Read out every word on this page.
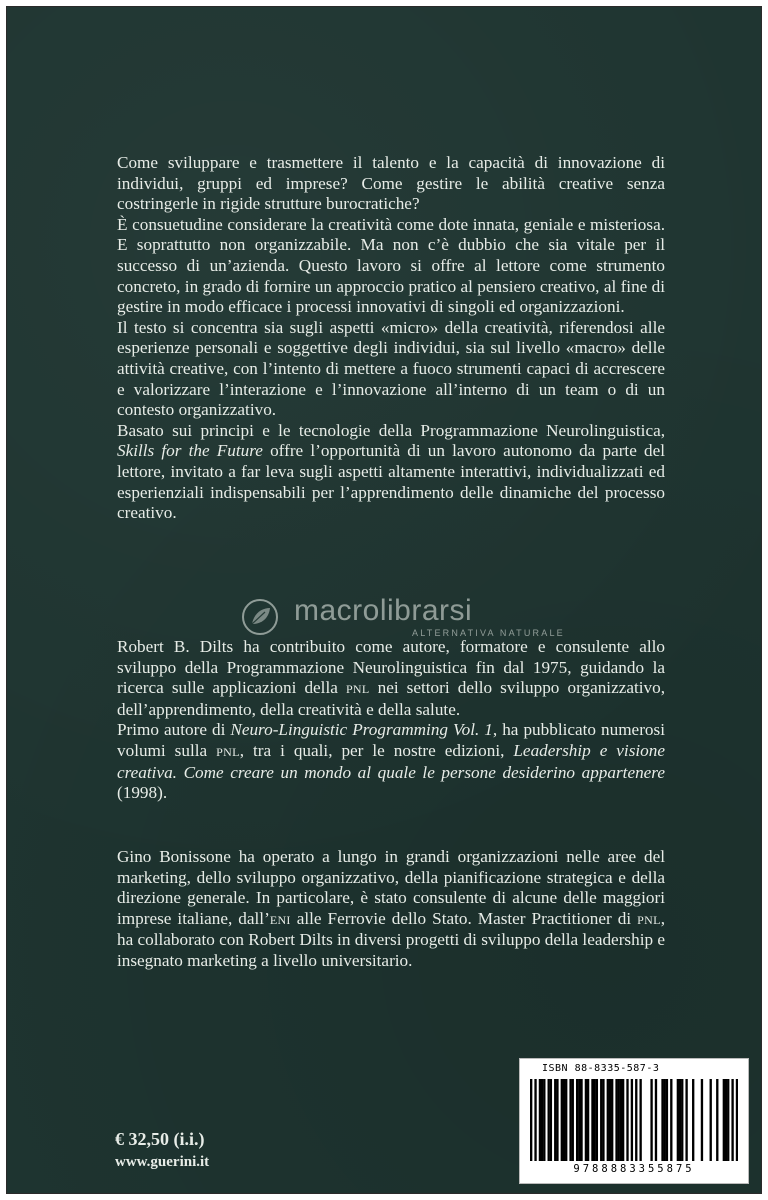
Come sviluppare e trasmettere il talento e la capacità di innovazione di individui, gruppi ed imprese? Come gestire le abilità creative senza costringerle in rigide strutture burocratiche?

È consuetudine considerare la creatività come dote innata, geniale e misteriosa. E soprattutto non organizzabile. Ma non c’è dubbio che sia vitale per il successo di un’azienda. Questo lavoro si offre al lettore come strumento concreto, in grado di fornire un approccio pratico al pensiero creativo, al fine di gestire in modo efficace i processi innovativi di singoli ed organizzazioni.

Il testo si concentra sia sugli aspetti «micro» della creatività, riferendosi alle esperienze personali e soggettive degli individui, sia sul livello «macro» delle attività creative, con l’intento di mettere a fuoco strumenti capaci di accrescere e valorizzare l’interazione e l’innovazione all’interno di un team o di un contesto organizzativo.

Basato sui principi e le tecnologie della Programmazione Neurolinguistica, Skills for the Future offre l’opportunità di un lavoro autonomo da parte del lettore, invitato a far leva sugli aspetti altamente interattivi, individualizzati ed esperienziali indispensabili per l’apprendimento delle dinamiche del processo creativo.

Robert B. Dilts ha contribuito come autore, formatore e consulente allo sviluppo della Programmazione Neurolinguistica fin dal 1975, guidando la ricerca sulle applicazioni della PNL nei settori dello sviluppo organizzativo, dell’apprendimento, della creatività e della salute.

Primo autore di Neuro-Linguistic Programming Vol. 1, ha pubblicato numerosi volumi sulla PNL, tra i quali, per le nostre edizioni, Leadership e visione creativa. Come creare un mondo al quale le persone desiderino appartenere (1998).

Gino Bonissone ha operato a lungo in grandi organizzazioni nelle aree del marketing, dello sviluppo organizzativo, della pianificazione strategica e della direzione generale. In particolare, è stato consulente di alcune delle maggiori imprese italiane, dall’ENI alle Ferrovie dello Stato. Master Practitioner di PNL, ha collaborato con Robert Dilts in diversi progetti di sviluppo della leadership e insegnato marketing a livello universitario.

macrolibrarsi
ALTERNATIVA NATURALE
€ 32,50 (i.i.)
www.guerini.it
ISBN 88-8335-587-3
9788883355875
